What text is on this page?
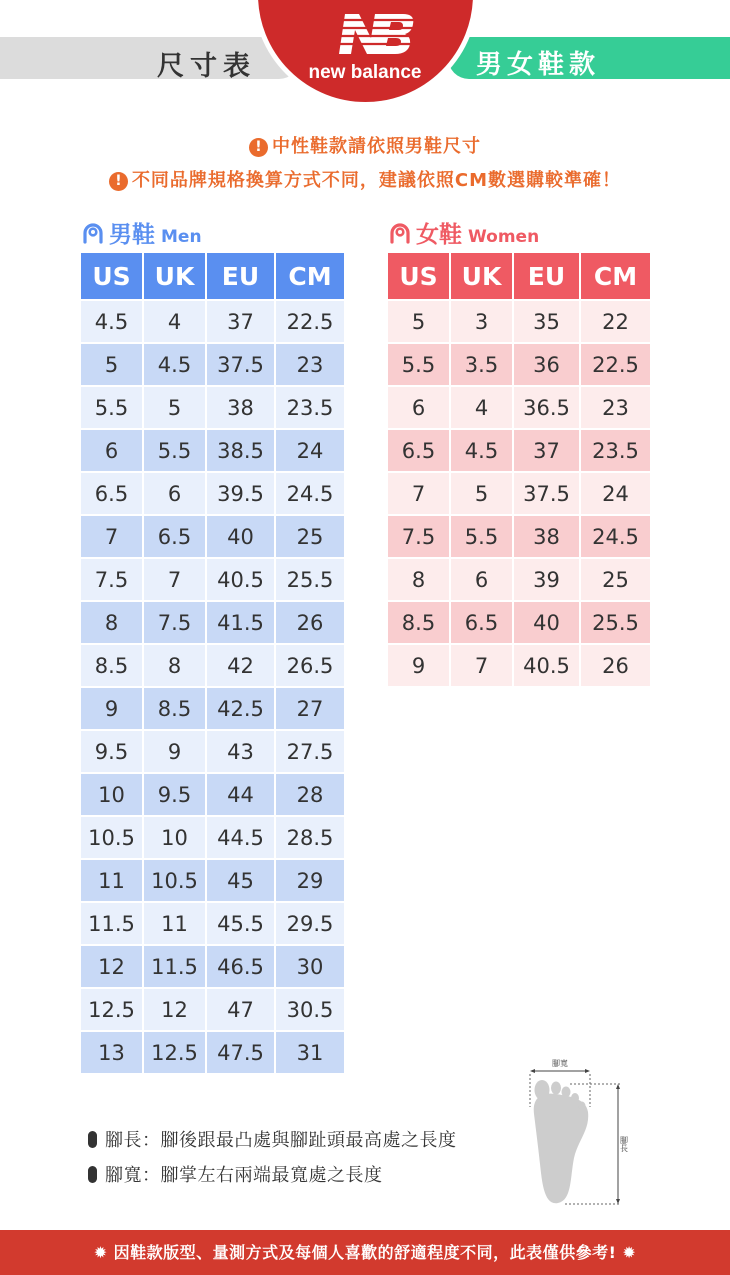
尺寸表	男女鞋款
new balance
! 中性鞋款請依照男鞋尺寸
! 不同品牌規格換算方式不同，建議依照CM數選購較準確！
男鞋 Men	女鞋 Women
US	UK	EU	CM
4.5	4	37	22.5
5	4.5	37.5	23
5.5	5	38	23.5
6	5.5	38.5	24
6.5	6	39.5	24.5
7	6.5	40	25
7.5	7	40.5	25.5
8	7.5	41.5	26
8.5	8	42	26.5
9	8.5	42.5	27
9.5	9	43	27.5
10	9.5	44	28
10.5	10	44.5	28.5
11	10.5	45	29
11.5	11	45.5	29.5
12	11.5	46.5	30
12.5	12	47	30.5
13	12.5	47.5	31
US	UK	EU	CM
5	3	35	22
5.5	3.5	36	22.5
6	4	36.5	23
6.5	4.5	37	23.5
7	5	37.5	24
7.5	5.5	38	24.5
8	6	39	25
8.5	6.5	40	25.5
9	7	40.5	26
腳長：腳後跟最凸處與腳趾頭最高處之長度
腳寬：腳掌左右兩端最寬處之長度
腳寬
腳長
✹ 因鞋款版型、量測方式及每個人喜歡的舒適程度不同，此表僅供參考! ✹
